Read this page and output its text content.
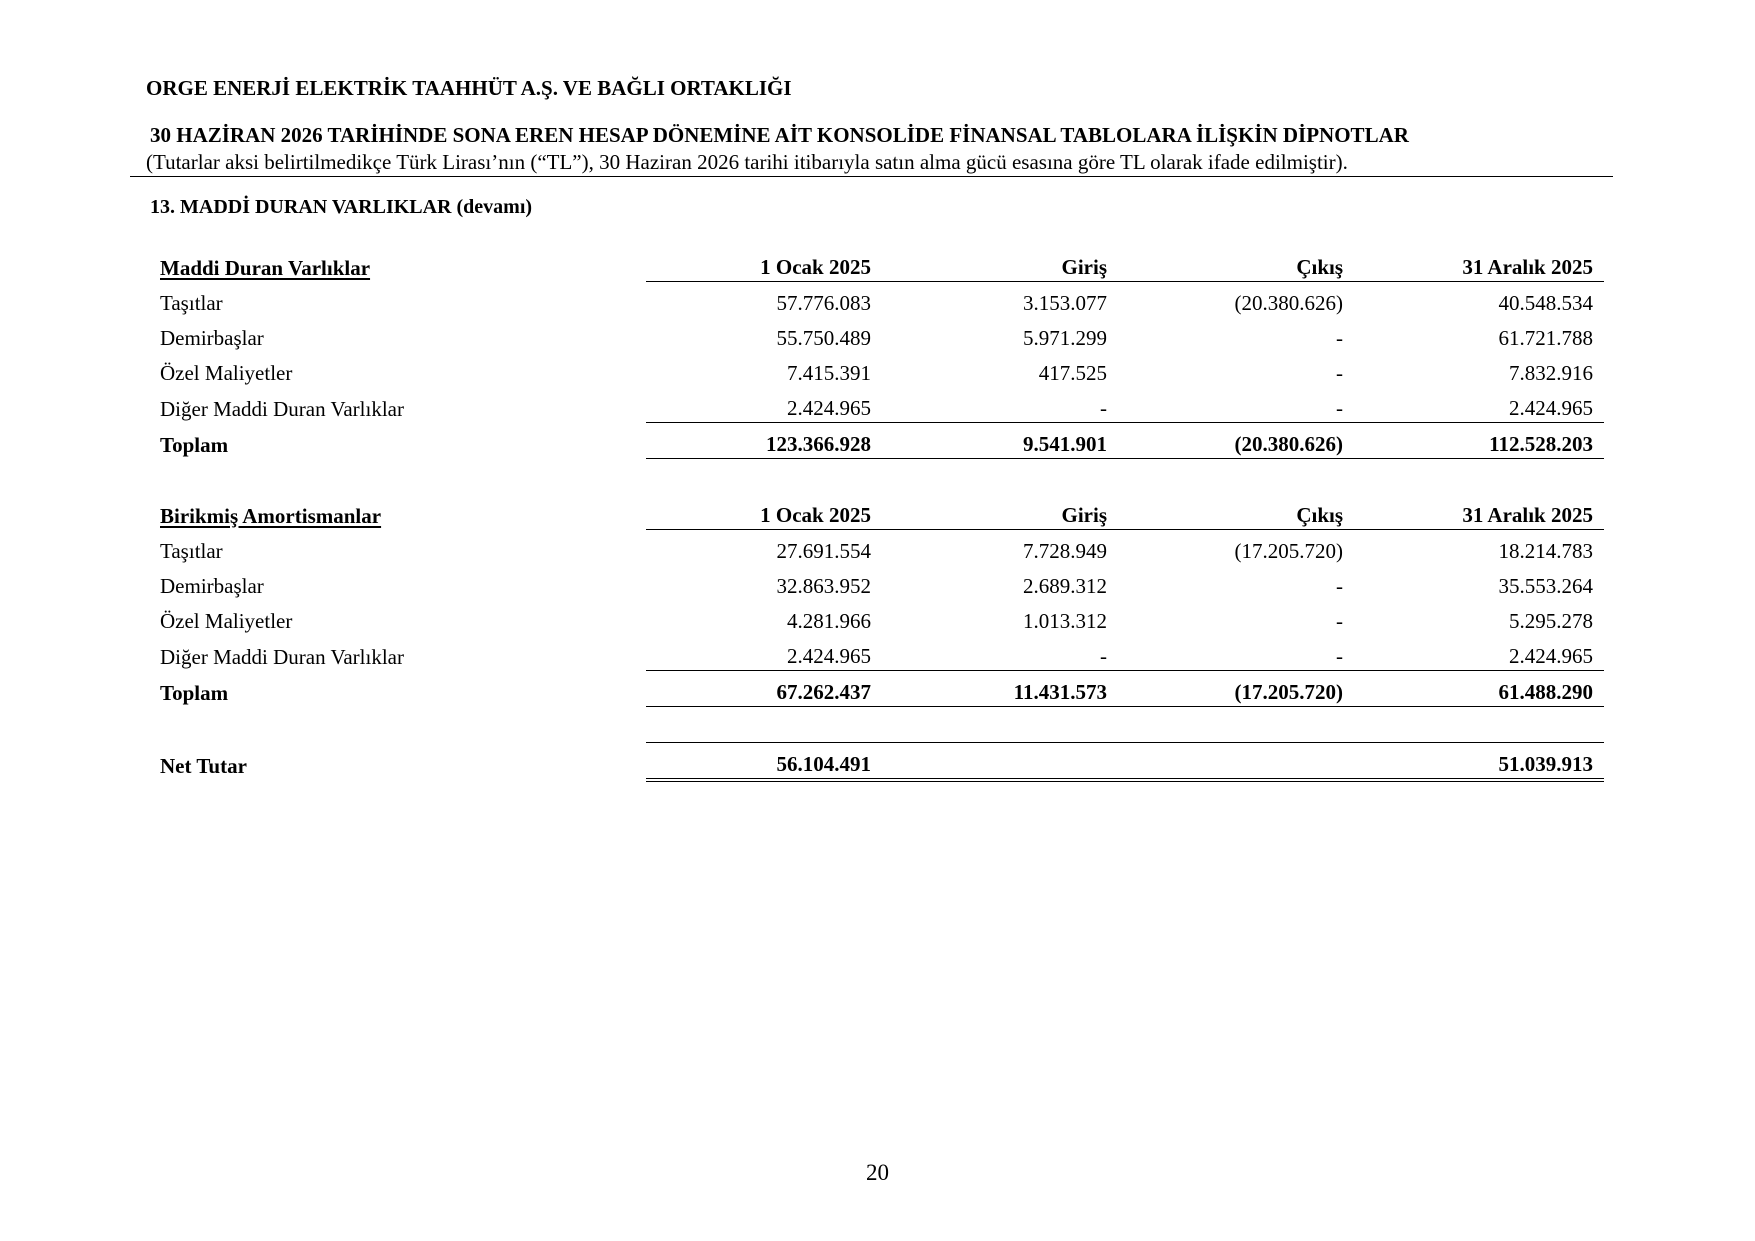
ORGE ENERJİ ELEKTRİK TAAHHÜT A.Ş. VE BAĞLI ORTAKLIĞI
30 HAZİRAN 2026 TARİHİNDE SONA EREN HESAP DÖNEMİNE AİT KONSOLİDE FİNANSAL TABLOLARA İLİŞKİN DİPNOTLAR
(Tutarlar aksi belirtilmedikçe Türk Lirası’nın (“TL”), 30 Haziran 2026 tarihi itibarıyla satın alma gücü esasına göre TL olarak ifade edilmiştir).
13. MADDİ DURAN VARLIKLAR (devamı)
Maddi Duran Varlıklar	1 Ocak 2025	Giriş	Çıkış	31 Aralık 2025
Taşıtlar	57.776.083	3.153.077	(20.380.626)	40.548.534
Demirbaşlar	55.750.489	5.971.299	-	61.721.788
Özel Maliyetler	7.415.391	417.525	-	7.832.916
Diğer Maddi Duran Varlıklar	2.424.965	-	-	2.424.965
Toplam	123.366.928	9.541.901	(20.380.626)	112.528.203

Birikmiş Amortismanlar	1 Ocak 2025	Giriş	Çıkış	31 Aralık 2025
Taşıtlar	27.691.554	7.728.949	(17.205.720)	18.214.783
Demirbaşlar	32.863.952	2.689.312	-	35.553.264
Özel Maliyetler	4.281.966	1.013.312	-	5.295.278
Diğer Maddi Duran Varlıklar	2.424.965	-	-	2.424.965
Toplam	67.262.437	11.431.573	(17.205.720)	61.488.290

Net Tutar	56.104.491			51.039.913
20
